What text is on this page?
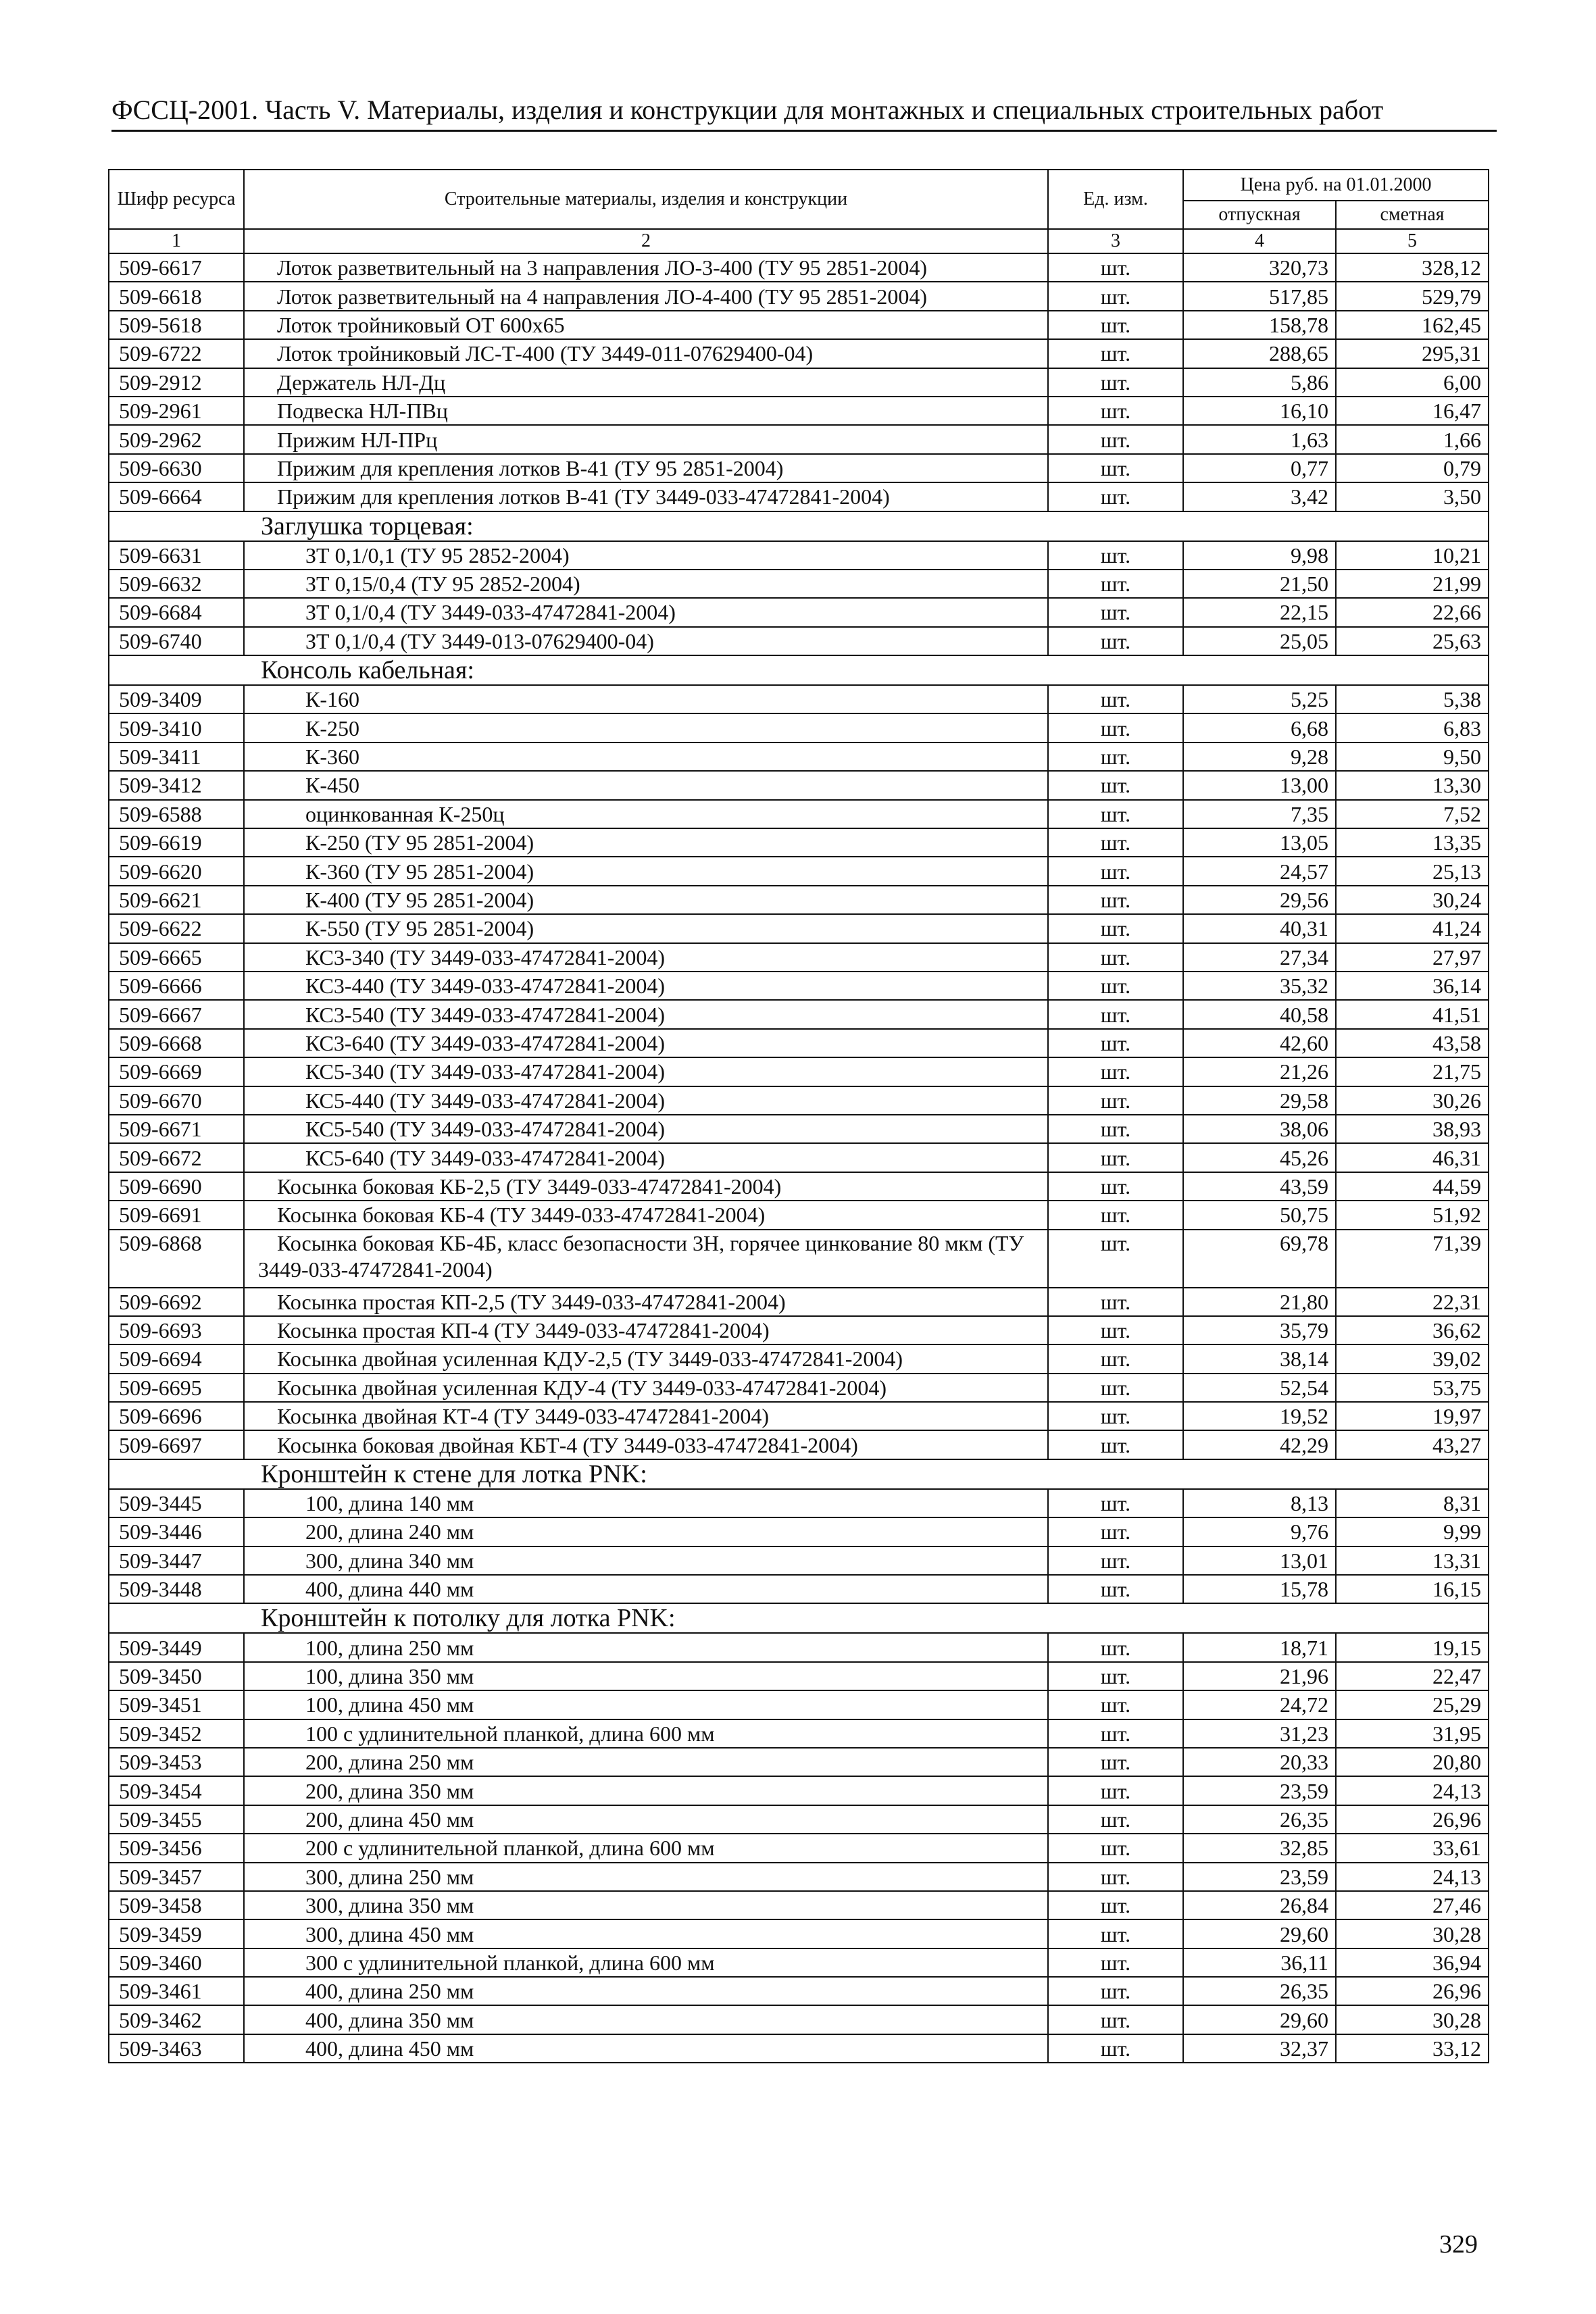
ФССЦ-2001. Часть V. Материалы, изделия и конструкции для монтажных и специальных строительных работ
Шифр ресурса	Строительные материалы, изделия и конструкции	Ед. изм.	Цена руб. на 01.01.2000	
			отпускная	сметная
1	2	3	4	5
509-6617	Лоток разветвительный на 3 направления ЛО-3-400 (ТУ 95 2851-2004)	шт.	320,73	328,12
509-6618	Лоток разветвительный на 4 направления ЛО-4-400 (ТУ 95 2851-2004)	шт.	517,85	529,79
509-5618	Лоток тройниковый ОТ 600х65	шт.	158,78	162,45
509-6722	Лоток тройниковый ЛС-Т-400 (ТУ 3449-011-07629400-04)	шт.	288,65	295,31
509-2912	Держатель НЛ-Дц	шт.	5,86	6,00
509-2961	Подвеска НЛ-ПВц	шт.	16,10	16,47
509-2962	Прижим НЛ-ПРц	шт.	1,63	1,66
509-6630	Прижим для крепления лотков В-41 (ТУ 95 2851-2004)	шт.	0,77	0,79
509-6664	Прижим для крепления лотков В-41 (ТУ 3449-033-47472841-2004)	шт.	3,42	3,50
Заглушка торцевая:				
509-6631	ЗТ 0,1/0,1 (ТУ 95 2852-2004)	шт.	9,98	10,21
509-6632	ЗТ 0,15/0,4 (ТУ 95 2852-2004)	шт.	21,50	21,99
509-6684	ЗТ 0,1/0,4 (ТУ 3449-033-47472841-2004)	шт.	22,15	22,66
509-6740	ЗТ 0,1/0,4 (ТУ 3449-013-07629400-04)	шт.	25,05	25,63
Консоль кабельная:				
509-3409	К-160	шт.	5,25	5,38
509-3410	К-250	шт.	6,68	6,83
509-3411	К-360	шт.	9,28	9,50
509-3412	К-450	шт.	13,00	13,30
509-6588	оцинкованная К-250ц	шт.	7,35	7,52
509-6619	К-250 (ТУ 95 2851-2004)	шт.	13,05	13,35
509-6620	К-360 (ТУ 95 2851-2004)	шт.	24,57	25,13
509-6621	К-400 (ТУ 95 2851-2004)	шт.	29,56	30,24
509-6622	К-550 (ТУ 95 2851-2004)	шт.	40,31	41,24
509-6665	КС3-340 (ТУ 3449-033-47472841-2004)	шт.	27,34	27,97
509-6666	КС3-440 (ТУ 3449-033-47472841-2004)	шт.	35,32	36,14
509-6667	КС3-540 (ТУ 3449-033-47472841-2004)	шт.	40,58	41,51
509-6668	КС3-640 (ТУ 3449-033-47472841-2004)	шт.	42,60	43,58
509-6669	КС5-340 (ТУ 3449-033-47472841-2004)	шт.	21,26	21,75
509-6670	КС5-440 (ТУ 3449-033-47472841-2004)	шт.	29,58	30,26
509-6671	КС5-540 (ТУ 3449-033-47472841-2004)	шт.	38,06	38,93
509-6672	КС5-640 (ТУ 3449-033-47472841-2004)	шт.	45,26	46,31
509-6690	Косынка боковая КБ-2,5 (ТУ 3449-033-47472841-2004)	шт.	43,59	44,59
509-6691	Косынка боковая КБ-4 (ТУ 3449-033-47472841-2004)	шт.	50,75	51,92
509-6868	Косынка боковая КБ-4Б, класс безопасности 3Н, горячее цинкование 80 мкм (ТУ 3449-033-47472841-2004)	шт.	69,78	71,39
509-6692	Косынка простая КП-2,5 (ТУ 3449-033-47472841-2004)	шт.	21,80	22,31
509-6693	Косынка простая КП-4 (ТУ 3449-033-47472841-2004)	шт.	35,79	36,62
509-6694	Косынка двойная усиленная КДУ-2,5 (ТУ 3449-033-47472841-2004)	шт.	38,14	39,02
509-6695	Косынка двойная усиленная КДУ-4 (ТУ 3449-033-47472841-2004)	шт.	52,54	53,75
509-6696	Косынка двойная КТ-4 (ТУ 3449-033-47472841-2004)	шт.	19,52	19,97
509-6697	Косынка боковая двойная КБТ-4 (ТУ 3449-033-47472841-2004)	шт.	42,29	43,27
Кронштейн к стене для лотка PNK:				
509-3445	100, длина 140 мм	шт.	8,13	8,31
509-3446	200, длина 240 мм	шт.	9,76	9,99
509-3447	300, длина 340 мм	шт.	13,01	13,31
509-3448	400, длина 440 мм	шт.	15,78	16,15
Кронштейн к потолку для лотка PNK:				
509-3449	100, длина 250 мм	шт.	18,71	19,15
509-3450	100, длина 350 мм	шт.	21,96	22,47
509-3451	100, длина 450 мм	шт.	24,72	25,29
509-3452	100 с удлинительной планкой, длина 600 мм	шт.	31,23	31,95
509-3453	200, длина 250 мм	шт.	20,33	20,80
509-3454	200, длина 350 мм	шт.	23,59	24,13
509-3455	200, длина 450 мм	шт.	26,35	26,96
509-3456	200 с удлинительной планкой, длина 600 мм	шт.	32,85	33,61
509-3457	300, длина 250 мм	шт.	23,59	24,13
509-3458	300, длина 350 мм	шт.	26,84	27,46
509-3459	300, длина 450 мм	шт.	29,60	30,28
509-3460	300 с удлинительной планкой, длина 600 мм	шт.	36,11	36,94
509-3461	400, длина 250 мм	шт.	26,35	26,96
509-3462	400, длина 350 мм	шт.	29,60	30,28
509-3463	400, длина 450 мм	шт.	32,37	33,12
329
